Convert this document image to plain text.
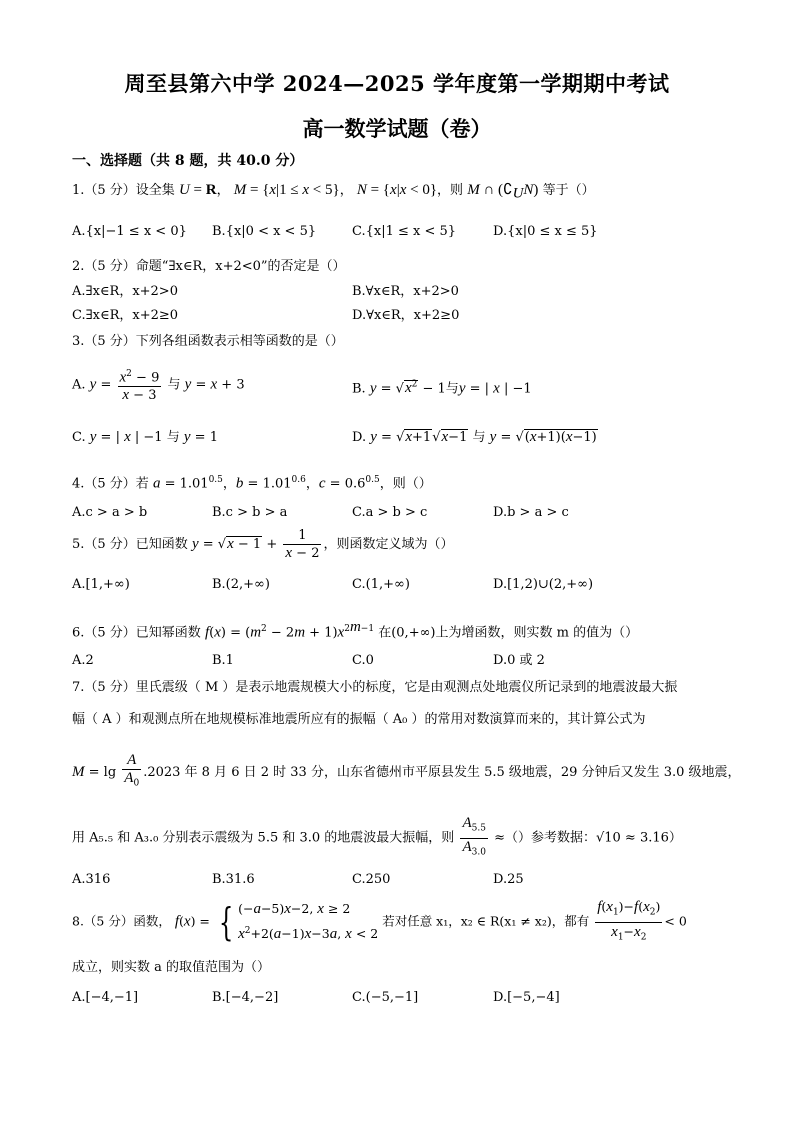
周至县第六中学 2024—2025 学年度第一学期期中考试
高一数学试题（卷）
一、选择题（共 8 题，共 40.0 分）
1.（5 分）设全集 U = R， M = {x|1 ≤ x < 5}， N = {x|x < 0}，则 M ∩ $(∁_UN)$ 等于（）
A.{x|−1 ≤ x < 0} B.{x|0 < x < 5}	C.{x|1 ≤ x < 5}	D.{x|0 ≤ x ≤ 5}
2.（5 分）命题“∃x∈R，x+2<0”的否定是（）
A.∃x∈R，x+2>0	B.∀x∈R，x+2>0
C.∃x∈R，x+2≥0	D.∀x∈R，x+2≥0
3.（5 分）下列各组函数表示相等函数的是（）
A. $y = \frac{x^2 - 9}{x - 3}$ 与 y = x + 3	B. $y = √x^2 - 1$与y = | x | −1
C. y = | x | −1 与 y = 1	D. y = √x+1√x−1 与 y = √(x+1)(x−1)
4.（5 分）若 $a = 1.01^{0.5}$，$b = 1.01^{0.6}$，$c = 0.6^{0.5}$，则（）
A.c > a > b	B.c > b > a	C.a > b > c	D.b > a > c
5.（5 分）已知函数 $y = √x - 1 + \frac{1}{x - 2}$ ，则函数定义域为（）
A.[1,+∞)	B.(2,+∞)	C.(1,+∞)	D.[1,2)∪(2,+∞)
6.（5 分）已知幂函数 $f(x) = (m^2 - 2m + 1)x^{2m-1}$ 在(0,+∞)上为增函数，则实数 m 的值为（）
A.2	B.1	C.0	D.0 或 2
7.（5 分）里氏震级（ M ）是表示地震规模大小的标度，它是由观测点处地震仪所记录到的地震波最大振
幅（ A ）和观测点所在地规模标准地震所应有的振幅（ A₀ ）的常用对数演算而来的，其计算公式为
$M = \lg \frac{A}{A_0} .2023$ 年 8 月 6 日 2 时 33 分，山东省德州市平原县发生 5.5 级地震，29 分钟后又发生 3.0 级地震，
用 A₅.₅ 和 A₃.₀ 分别表示震级为 5.5 和 3.0 的地震波最大振幅，则 $\frac{A_{5.5}}{A_{3.0}}$ ≈（）参考数据：√10 ≈ 3.16）
A.316	B.31.6	C.250	D.25
8.（5 分）函数， f(x) = {(−a−5)x−2, x ≥ 2
$x^2+2(a-1)x-3a$, x < 2 若对任意 x₁，x₂ ∈ R(x₁ ≠ x₂)，都有 $\frac{f(x_1)-f(x_2)}{x_1-x_2} < 0$
成立，则实数 a 的取值范围为（）
A.[−4,−1]	B.[−4,−2]	C.(−5,−1]	D.[−5,−4]
